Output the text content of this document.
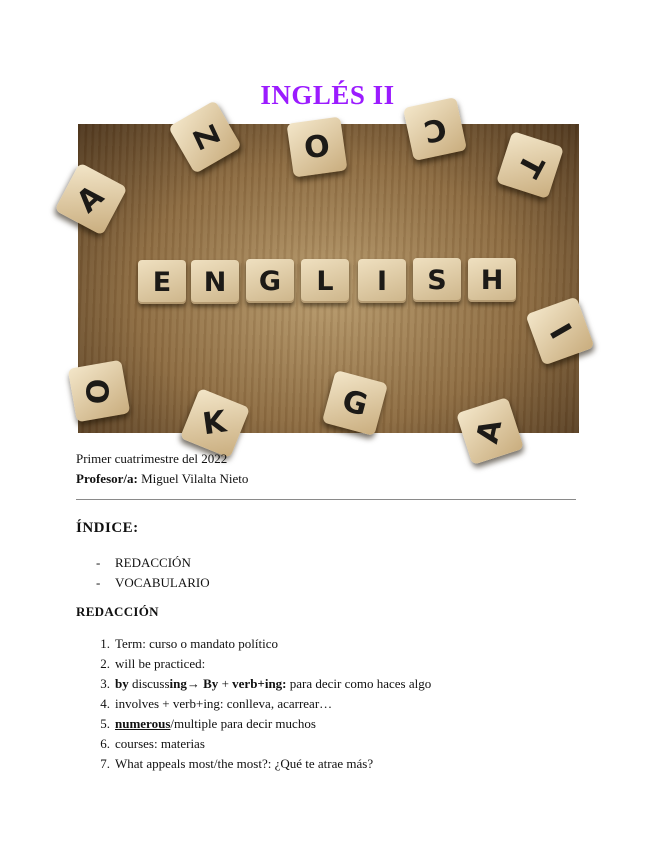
INGLÉS II
Z	O	C
T
A
I
O	G
K	A
E	N	G	L	I	S	H
Primer cuatrimestre del 2022
Profesor/a: Miguel Vilalta Nieto
ÍNDICE:
- REDACCIÓN
- VOCABULARIO
REDACCIÓN
1. Term: curso o mandato político
2. will be practiced:
3. by discussing→ By + verb+ing: para decir como haces algo
4. involves + verb+ing: conlleva, acarrear…
5. numerous/multiple para decir muchos
6. courses: materias
7. What appeals most/the most?: ¿Qué te atrae más?
